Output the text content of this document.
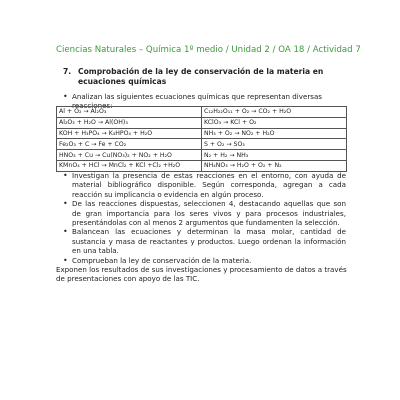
Ciencias Naturales – Química 1º medio / Unidad 2 / OA 18 / Actividad 7
7. Comprobación de la ley de conservación de la materia en ecuaciones químicas
• Analizan las siguientes ecuaciones químicas que representan diversas reacciones:
Al + O₂ → Al₂O₃	C₁₂H₂₂O₁₁ + O₂ → CO₂ + H₂O
Al₂O₃ + H₂O → Al(OH)₃	KClO₃ → KCl + O₂
KOH + H₃PO₄ → K₃HPO₄ + H₂O	NH₃ + O₂ → NO₂ + H₂O
Fe₂O₃ + C → Fe + CO₂	S + O₂ → SO₃
HNO₃ + Cu → Cu(NO₃)₂ + NO₂ + H₂O	N₂ + H₂ → NH₃
KMnO₄ + HCl → MnCl₂ + KCl +Cl₂ +H₂O	NH₄NO₃ → H₂O + O₂ + N₂
• Investigan la presencia de estas reacciones en el entorno, con ayuda de material bibliográfico disponible. Según corresponda, agregan a cada reacción su implicancia o evidencia en algún proceso.
• De las reacciones dispuestas, seleccionen 4, destacando aquellas que son de gran importancia para los seres vivos y para procesos industriales, presentándolas con al menos 2 argumentos que fundamenten la selección.
• Balancean las ecuaciones y determinan la masa molar, cantidad de sustancia y masa de reactantes y productos. Luego ordenan la información en una tabla.
• Comprueban la ley de conservación de la materia.
Exponen los resultados de sus investigaciones y procesamiento de datos a través de presentaciones con apoyo de las TIC.
